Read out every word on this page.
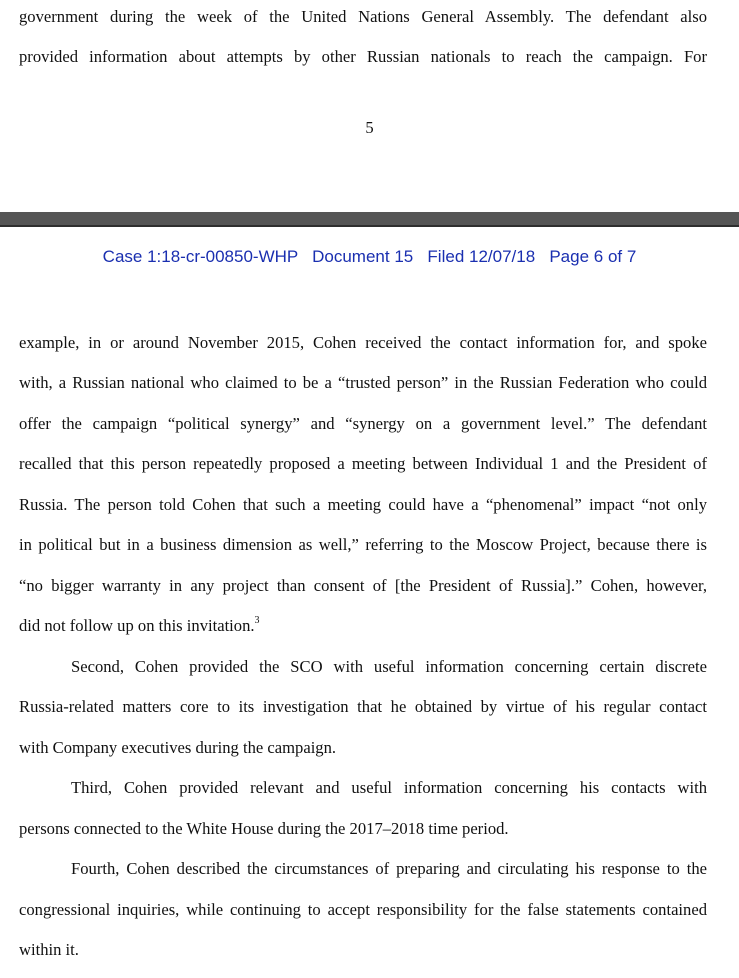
government during the week of the United Nations General Assembly. The defendant also
provided information about attempts by other Russian nationals to reach the campaign. For
5
Case 1:18-cr-00850-WHP Document 15 Filed 12/07/18 Page 6 of 7
example, in or around November 2015, Cohen received the contact information for, and spoke
with, a Russian national who claimed to be a “trusted person” in the Russian Federation who could
offer the campaign “political synergy” and “synergy on a government level.” The defendant
recalled that this person repeatedly proposed a meeting between Individual 1 and the President of
Russia. The person told Cohen that such a meeting could have a “phenomenal” impact “not only
in political but in a business dimension as well,” referring to the Moscow Project, because there is
“no bigger warranty in any project than consent of [the President of Russia].” Cohen, however,
did not follow up on this invitation.$^3$
Second, Cohen provided the SCO with useful information concerning certain discrete
Russia-related matters core to its investigation that he obtained by virtue of his regular contact
with Company executives during the campaign.
Third, Cohen provided relevant and useful information concerning his contacts with
persons connected to the White House during the 2017–2018 time period.
Fourth, Cohen described the circumstances of preparing and circulating his response to the
congressional inquiries, while continuing to accept responsibility for the false statements contained
within it.
